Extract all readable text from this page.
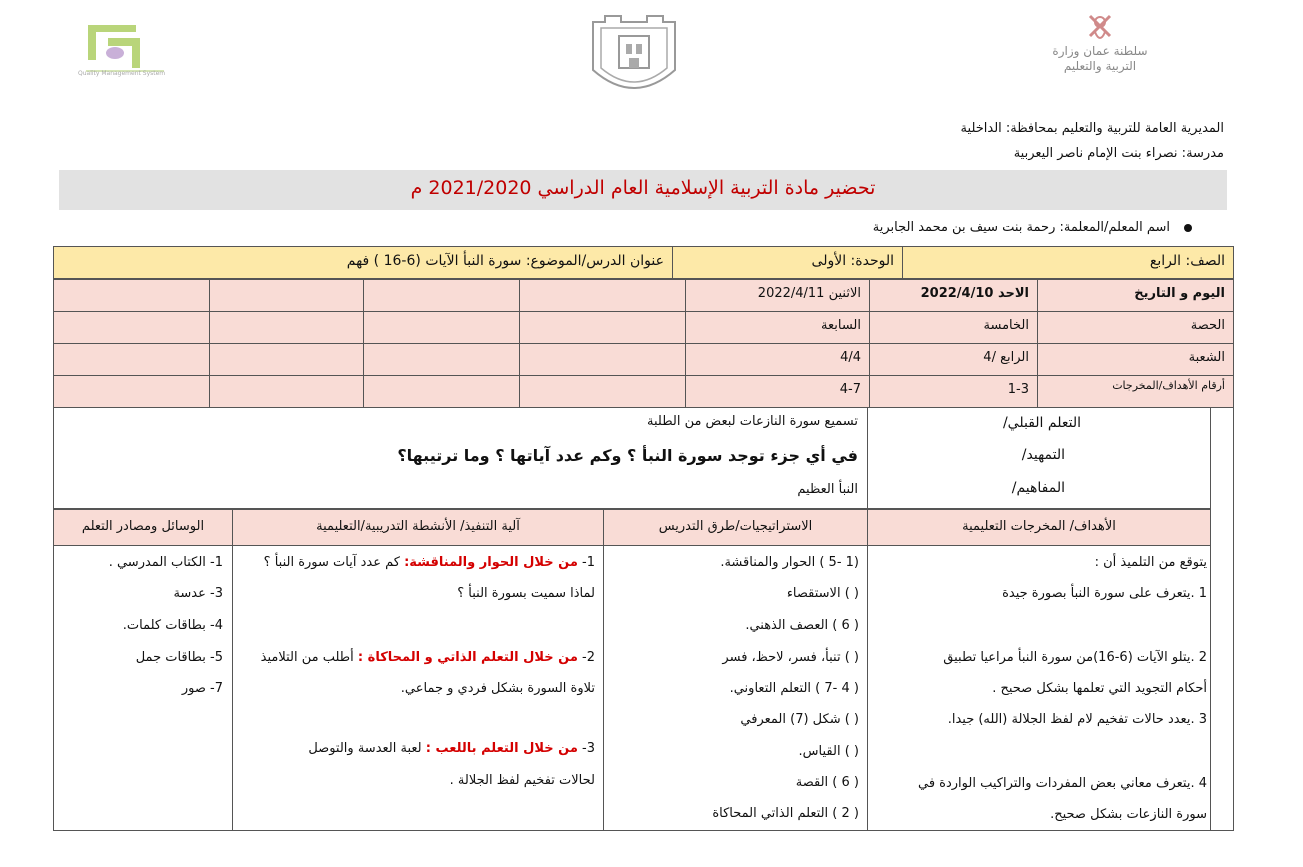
Quality Management System
سلطنة عمان وزارة التربية والتعليم
المديرية العامة للتربية والتعليم بمحافظة: الداخلية
مدرسة: نصراء بنت الإمام ناصر اليعربية
تحضير مادة التربية الإسلامية العام الدراسي 2021/2020 م
اسم المعلم/المعلمة: رحمة بنت سيف بن محمد الجابرية
الصف: الرابع
الوحدة: الأولى
عنوان الدرس/الموضوع: سورة النبأ الآيات (6-16 ) فهم
اليوم و التاريخ
الاحد 2022/4/10
الاثنين 2022/4/11
الحصة
الخامسة
السابعة
الشعبة
الرابع /4
4/4
أرقام الأهداف/المخرجات
1-3
4-7
التعلم القبلي/
تسميع سورة النازعات لبعض من الطلبة
التمهيد/
في أي جزء توجد سورة النبأ ؟ وكم عدد آياتها ؟ وما ترتيبها؟
المفاهيم/
النبأ العظيم
الأهداف/ المخرجات التعليمية
الاستراتيجيات/طرق التدريس
آلية التنفيذ/ الأنشطة التدريبية/التعليمية
الوسائل ومصادر التعلم
يتوقع من التلميذ أن :
1 .يتعرف على سورة النبأ بصورة جيدة
2 .يتلو الآيات (6-16)من سورة النبأ مراعيا تطبيق
أحكام التجويد التي تعلمها بشكل صحيح .
3 .يعدد حالات تفخيم لام لفظ الجلالة (الله) جيدا.
4 .يتعرف معاني بعض المفردات والتراكيب الواردة في
سورة النازعات بشكل صحيح.
(1 -5 ) الحوار والمناقشة.
( ) الاستقصاء
( 6 ) العصف الذهني.
( ) تنبأ، فسر، لاحظ، فسر
( 4 -7 ) التعلم التعاوني.
( ) شكل (7) المعرفي
( ) القياس.
( 6 ) القصة
( 2 ) التعلم الذاتي المحاكاة
1- من خلال الحوار والمناقشة: كم عدد آيات سورة النبأ ؟
لماذا سميت بسورة النبأ ؟
2- من خلال التعلم الذاتي و المحاكاة : أطلب من التلاميذ
تلاوة السورة بشكل فردي و جماعي.
3- من خلال التعلم باللعب : لعبة العدسة والتوصل
لحالات تفخيم لفظ الجلالة .
1- الكتاب المدرسي .
3- عدسة
4- بطاقات كلمات.
5- بطاقات جمل
7- صور
